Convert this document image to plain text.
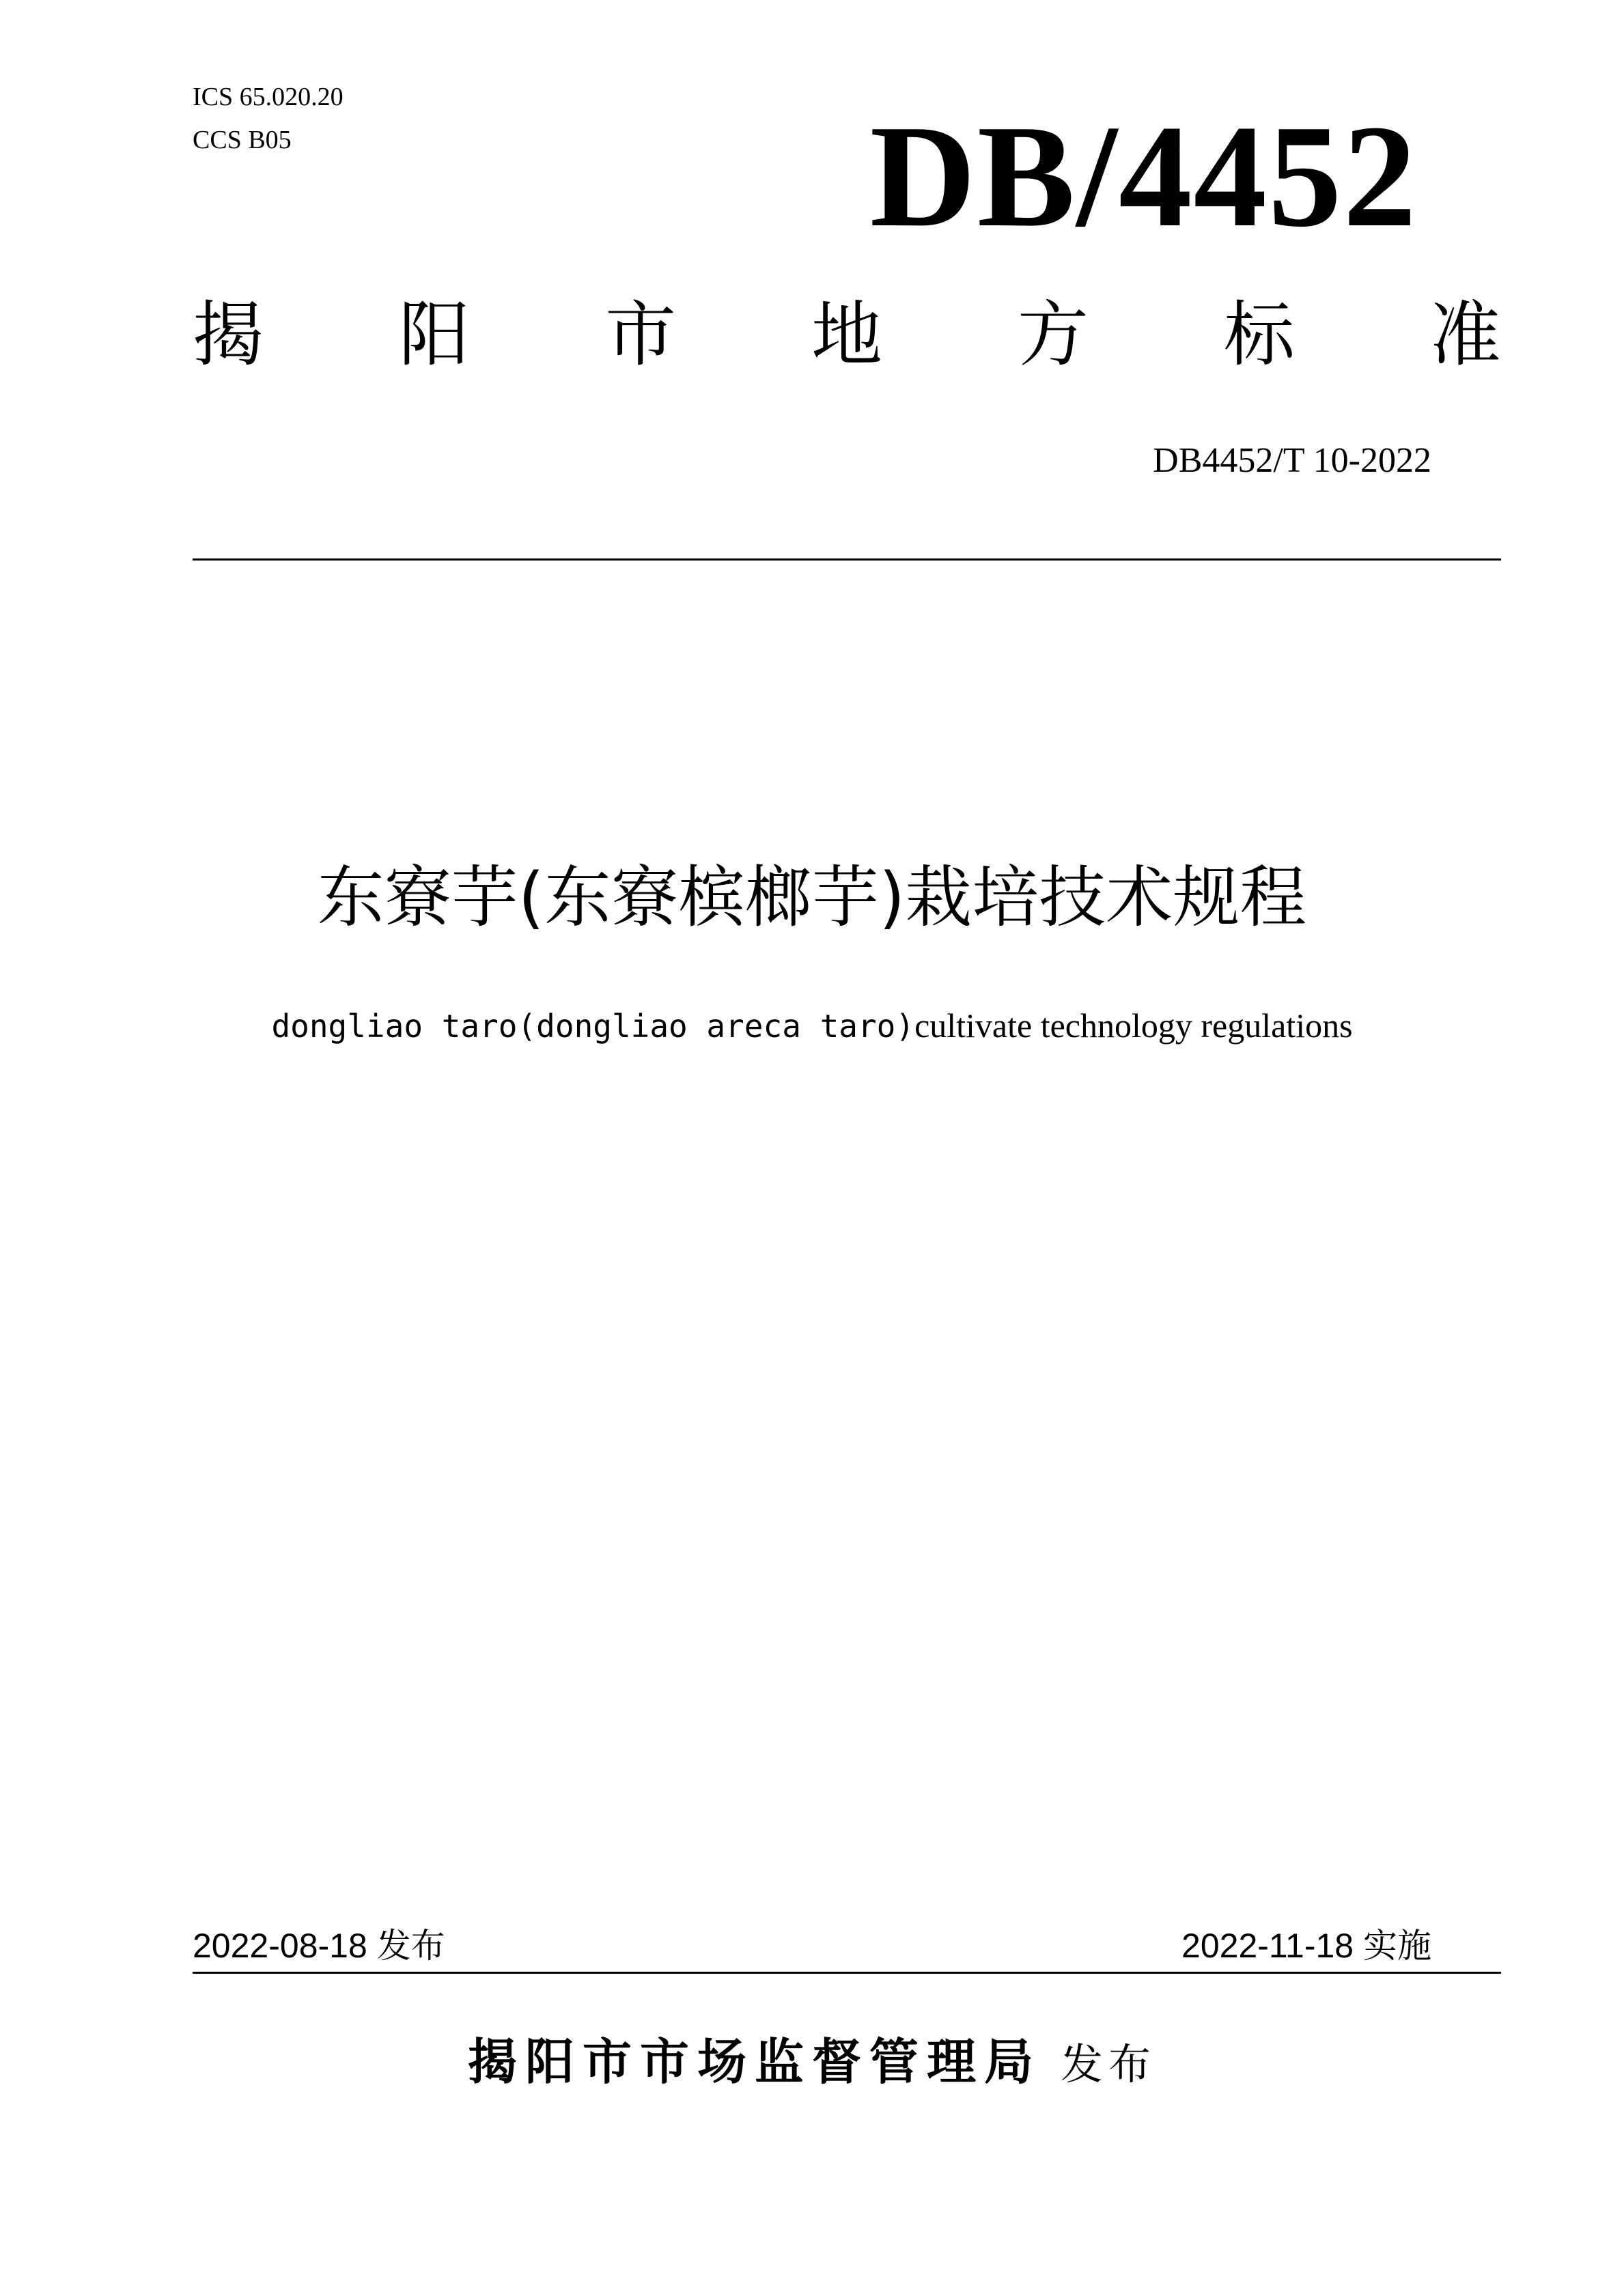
ICS 65.020.20
CCS B05	DB/4452
揭 阳 市 地 方 标 准
DB4452/T 10-2022
东寮芋(东寮槟榔芋)栽培技术规程
dongliao taro(dongliao areca taro)cultivate technology regulations
2022-08-18 发布	2022-11-18 实施
揭阳市市场监督管理局 发布
